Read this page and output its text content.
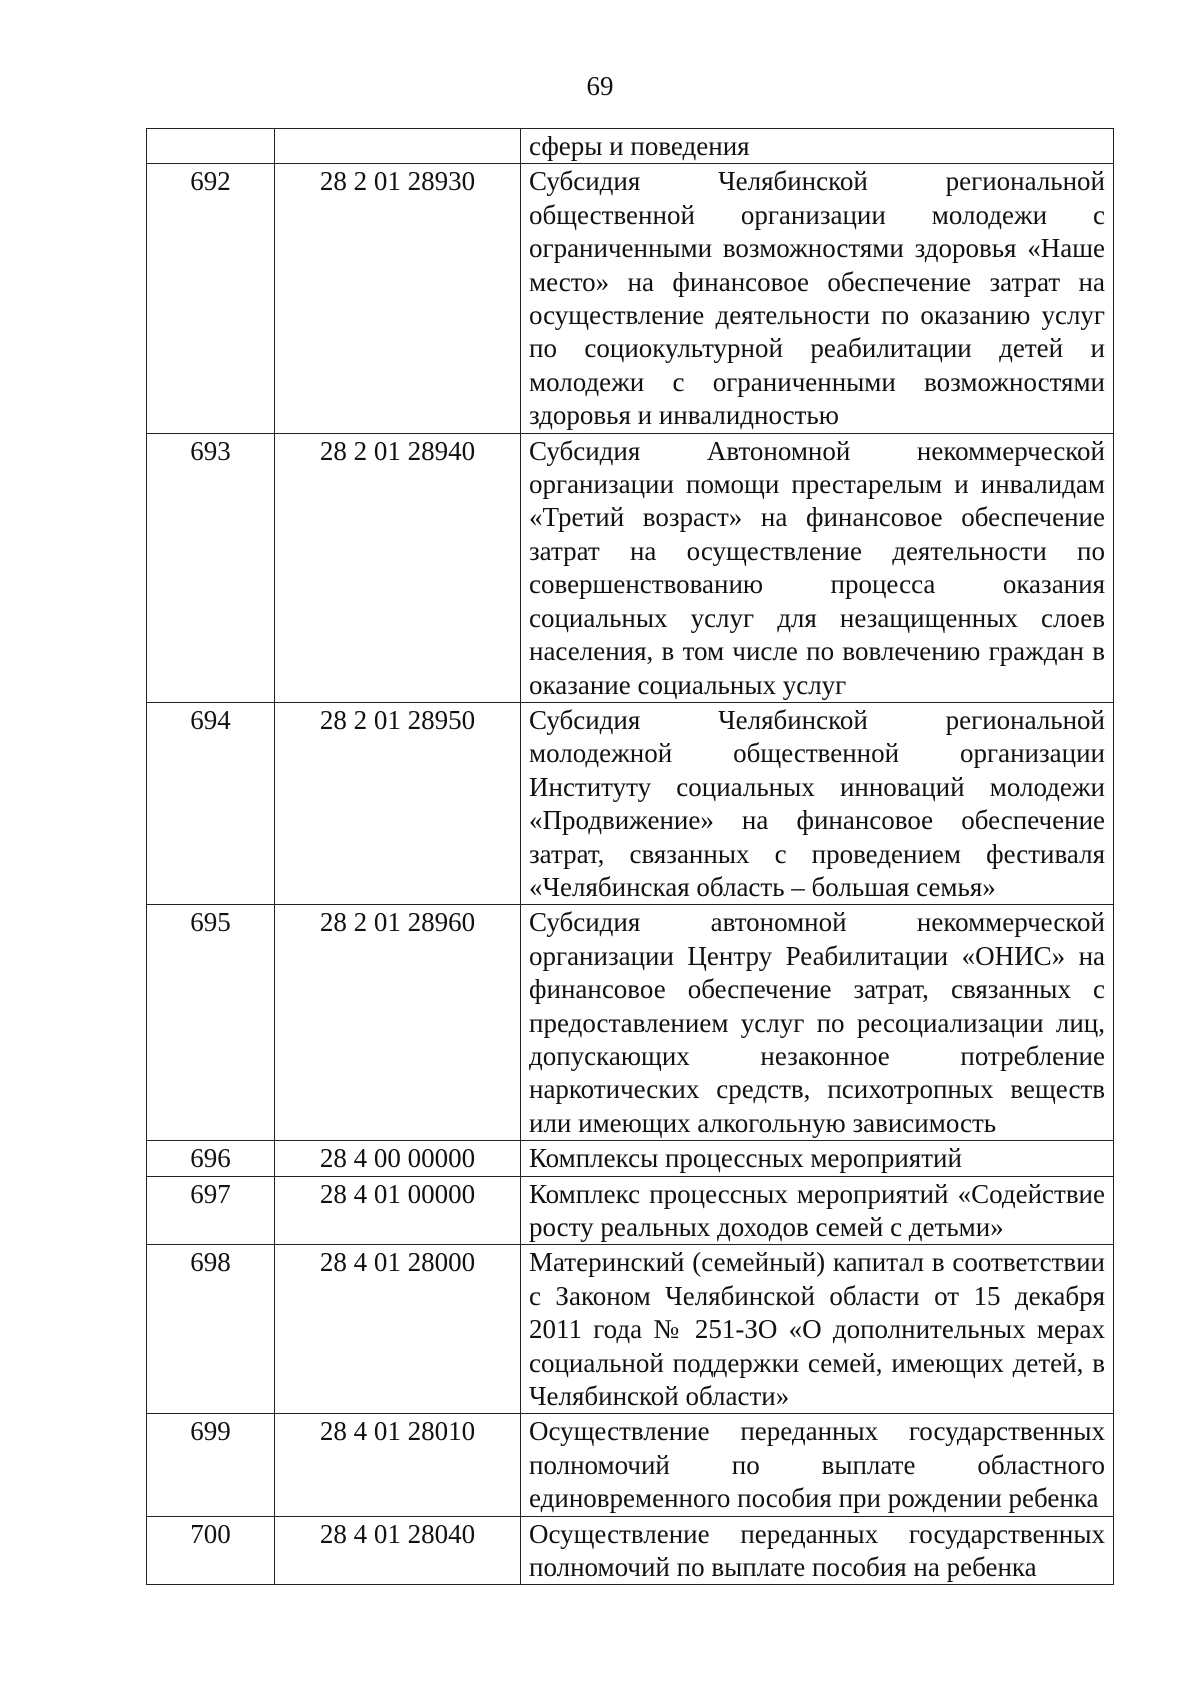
69
		сферы и поведения
692	28 2 01 28930	Субсидия Челябинской региональной общественной организации молодежи с ограниченными возможностями здоровья «Наше место» на финансовое обеспечение затрат на осуществление деятельности по оказанию услуг по социокультурной реабилитации детей и молодежи с ограниченными возможностями здоровья и инвалидностью
693	28 2 01 28940	Субсидия Автономной некоммерческой организации помощи престарелым и инвалидам «Третий возраст» на финансовое обеспечение затрат на осуществление деятельности по совершенствованию процесса оказания социальных услуг для незащищенных слоев населения, в том числе по вовлечению граждан в оказание социальных услуг
694	28 2 01 28950	Субсидия Челябинской региональной молодежной общественной организации Институту социальных инноваций молодежи «Продвижение» на финансовое обеспечение затрат, связанных с проведением фестиваля «Челябинская область – большая семья»
695	28 2 01 28960	Субсидия автономной некоммерческой организации Центру Реабилитации «ОНИС» на финансовое обеспечение затрат, связанных с предоставлением услуг по ресоциализации лиц, допускающих незаконное потребление наркотических средств, психотропных веществ или имеющих алкогольную зависимость
696	28 4 00 00000	Комплексы процессных мероприятий
697	28 4 01 00000	Комплекс процессных мероприятий «Содействие росту реальных доходов семей с детьми»
698	28 4 01 28000	Материнский (семейный) капитал в соответствии с Законом Челябинской области от 15 декабря 2011 года № 251-ЗО «О дополнительных мерах социальной поддержки семей, имеющих детей, в Челябинской области»
699	28 4 01 28010	Осуществление переданных государственных полномочий по выплате областного единовременного пособия при рождении ребенка
700	28 4 01 28040	Осуществление переданных государственных полномочий по выплате пособия на ребенка
